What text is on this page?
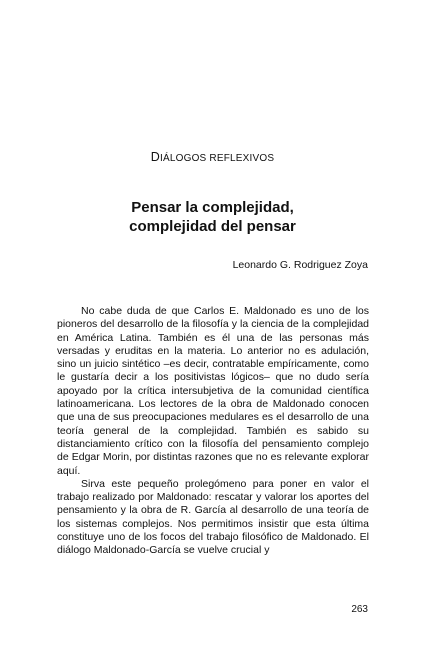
DIÁLOGOS REFLEXIVOS
Pensar la complejidad,
complejidad del pensar
Leonardo G. Rodriguez Zoya

No cabe duda de que Carlos E. Maldonado es uno de los pioneros del desarrollo de la filosofía y la ciencia de la complejidad en América Latina. También es él una de las personas más versadas y eruditas en la materia. Lo anterior no es adulación, sino un juicio sintético –es decir, contratable empíricamente, como le gustaría decir a los positivistas lógicos– que no dudo sería apoyado por la crítica intersubjetiva de la comunidad científica latinoamericana. Los lectores de la obra de Maldonado conocen que una de sus preocupaciones medulares es el desarrollo de una teoría general de la complejidad. También es sabido su distanciamiento crítico con la filosofía del pensamiento complejo de Edgar Morin, por distintas razones que no es relevante explorar aquí.

Sirva este pequeño prolegómeno para poner en valor el trabajo realizado por Maldonado: rescatar y valorar los aportes del pensamiento y la obra de R. García al desarrollo de una teoría de los sistemas complejos. Nos permitimos insistir que esta última constituye uno de los focos del trabajo filosófico de Maldonado. El diálogo Maldonado-García se vuelve crucial y

263
